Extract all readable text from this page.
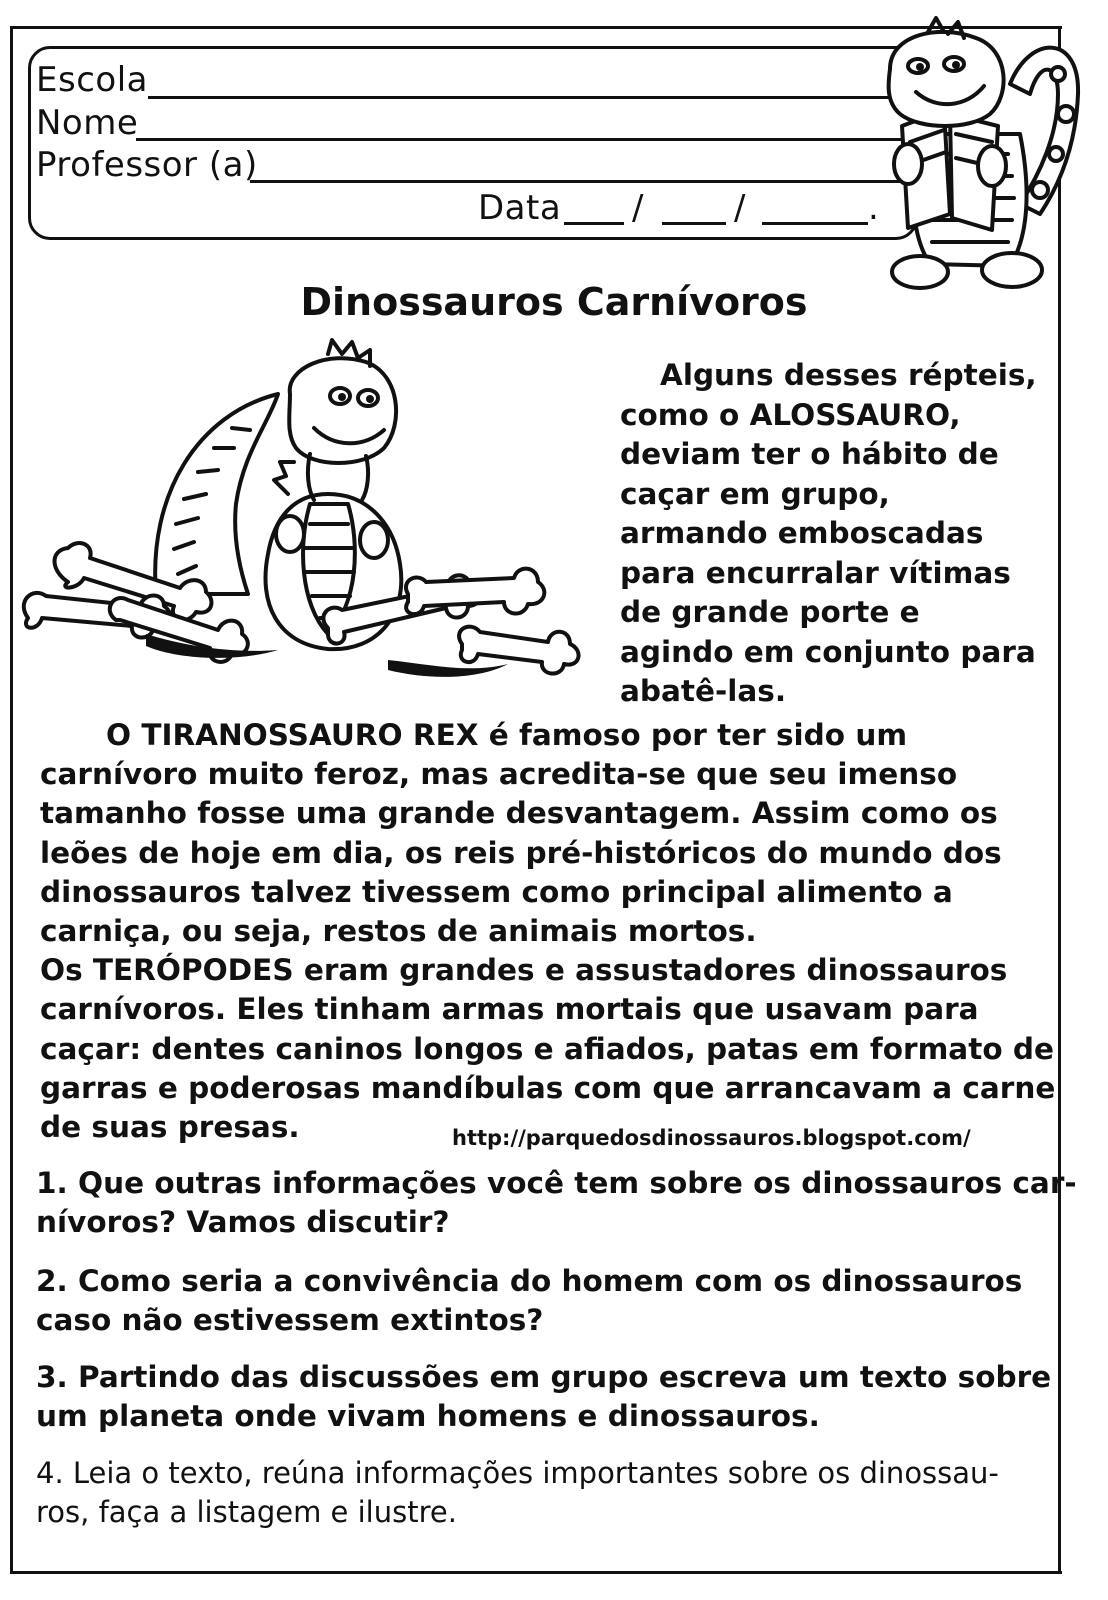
Escola
Nome
Professor (a)
Data /	/	.
Dinossauros Carnívoros
Alguns desses répteis,
como o ALOSSAURO,
deviam ter o hábito de
caçar em grupo,
armando emboscadas
para encurralar vítimas
de grande porte e
agindo em conjunto para
abatê-las.
O TIRANOSSAURO REX é famoso por ter sido um
carnívoro muito feroz, mas acredita-se que seu imenso
tamanho fosse uma grande desvantagem. Assim como os
leões de hoje em dia, os reis pré-históricos do mundo dos
dinossauros talvez tivessem como principal alimento a
carniça, ou seja, restos de animais mortos.
Os TERÓPODES eram grandes e assustadores dinossauros
carnívoros. Eles tinham armas mortais que usavam para
caçar: dentes caninos longos e afiados, patas em formato de
garras e poderosas mandíbulas com que arrancavam a carne
de suas presas.	http://parquedosdinossauros.blogspot.com/
1. Que outras informações você tem sobre os dinossauros car-
nívoros? Vamos discutir?
2. Como seria a convivência do homem com os dinossauros
caso não estivessem extintos?
3. Partindo das discussões em grupo escreva um texto sobre
um planeta onde vivam homens e dinossauros.
4. Leia o texto, reúna informações importantes sobre os dinossau-
ros, faça a listagem e ilustre.
